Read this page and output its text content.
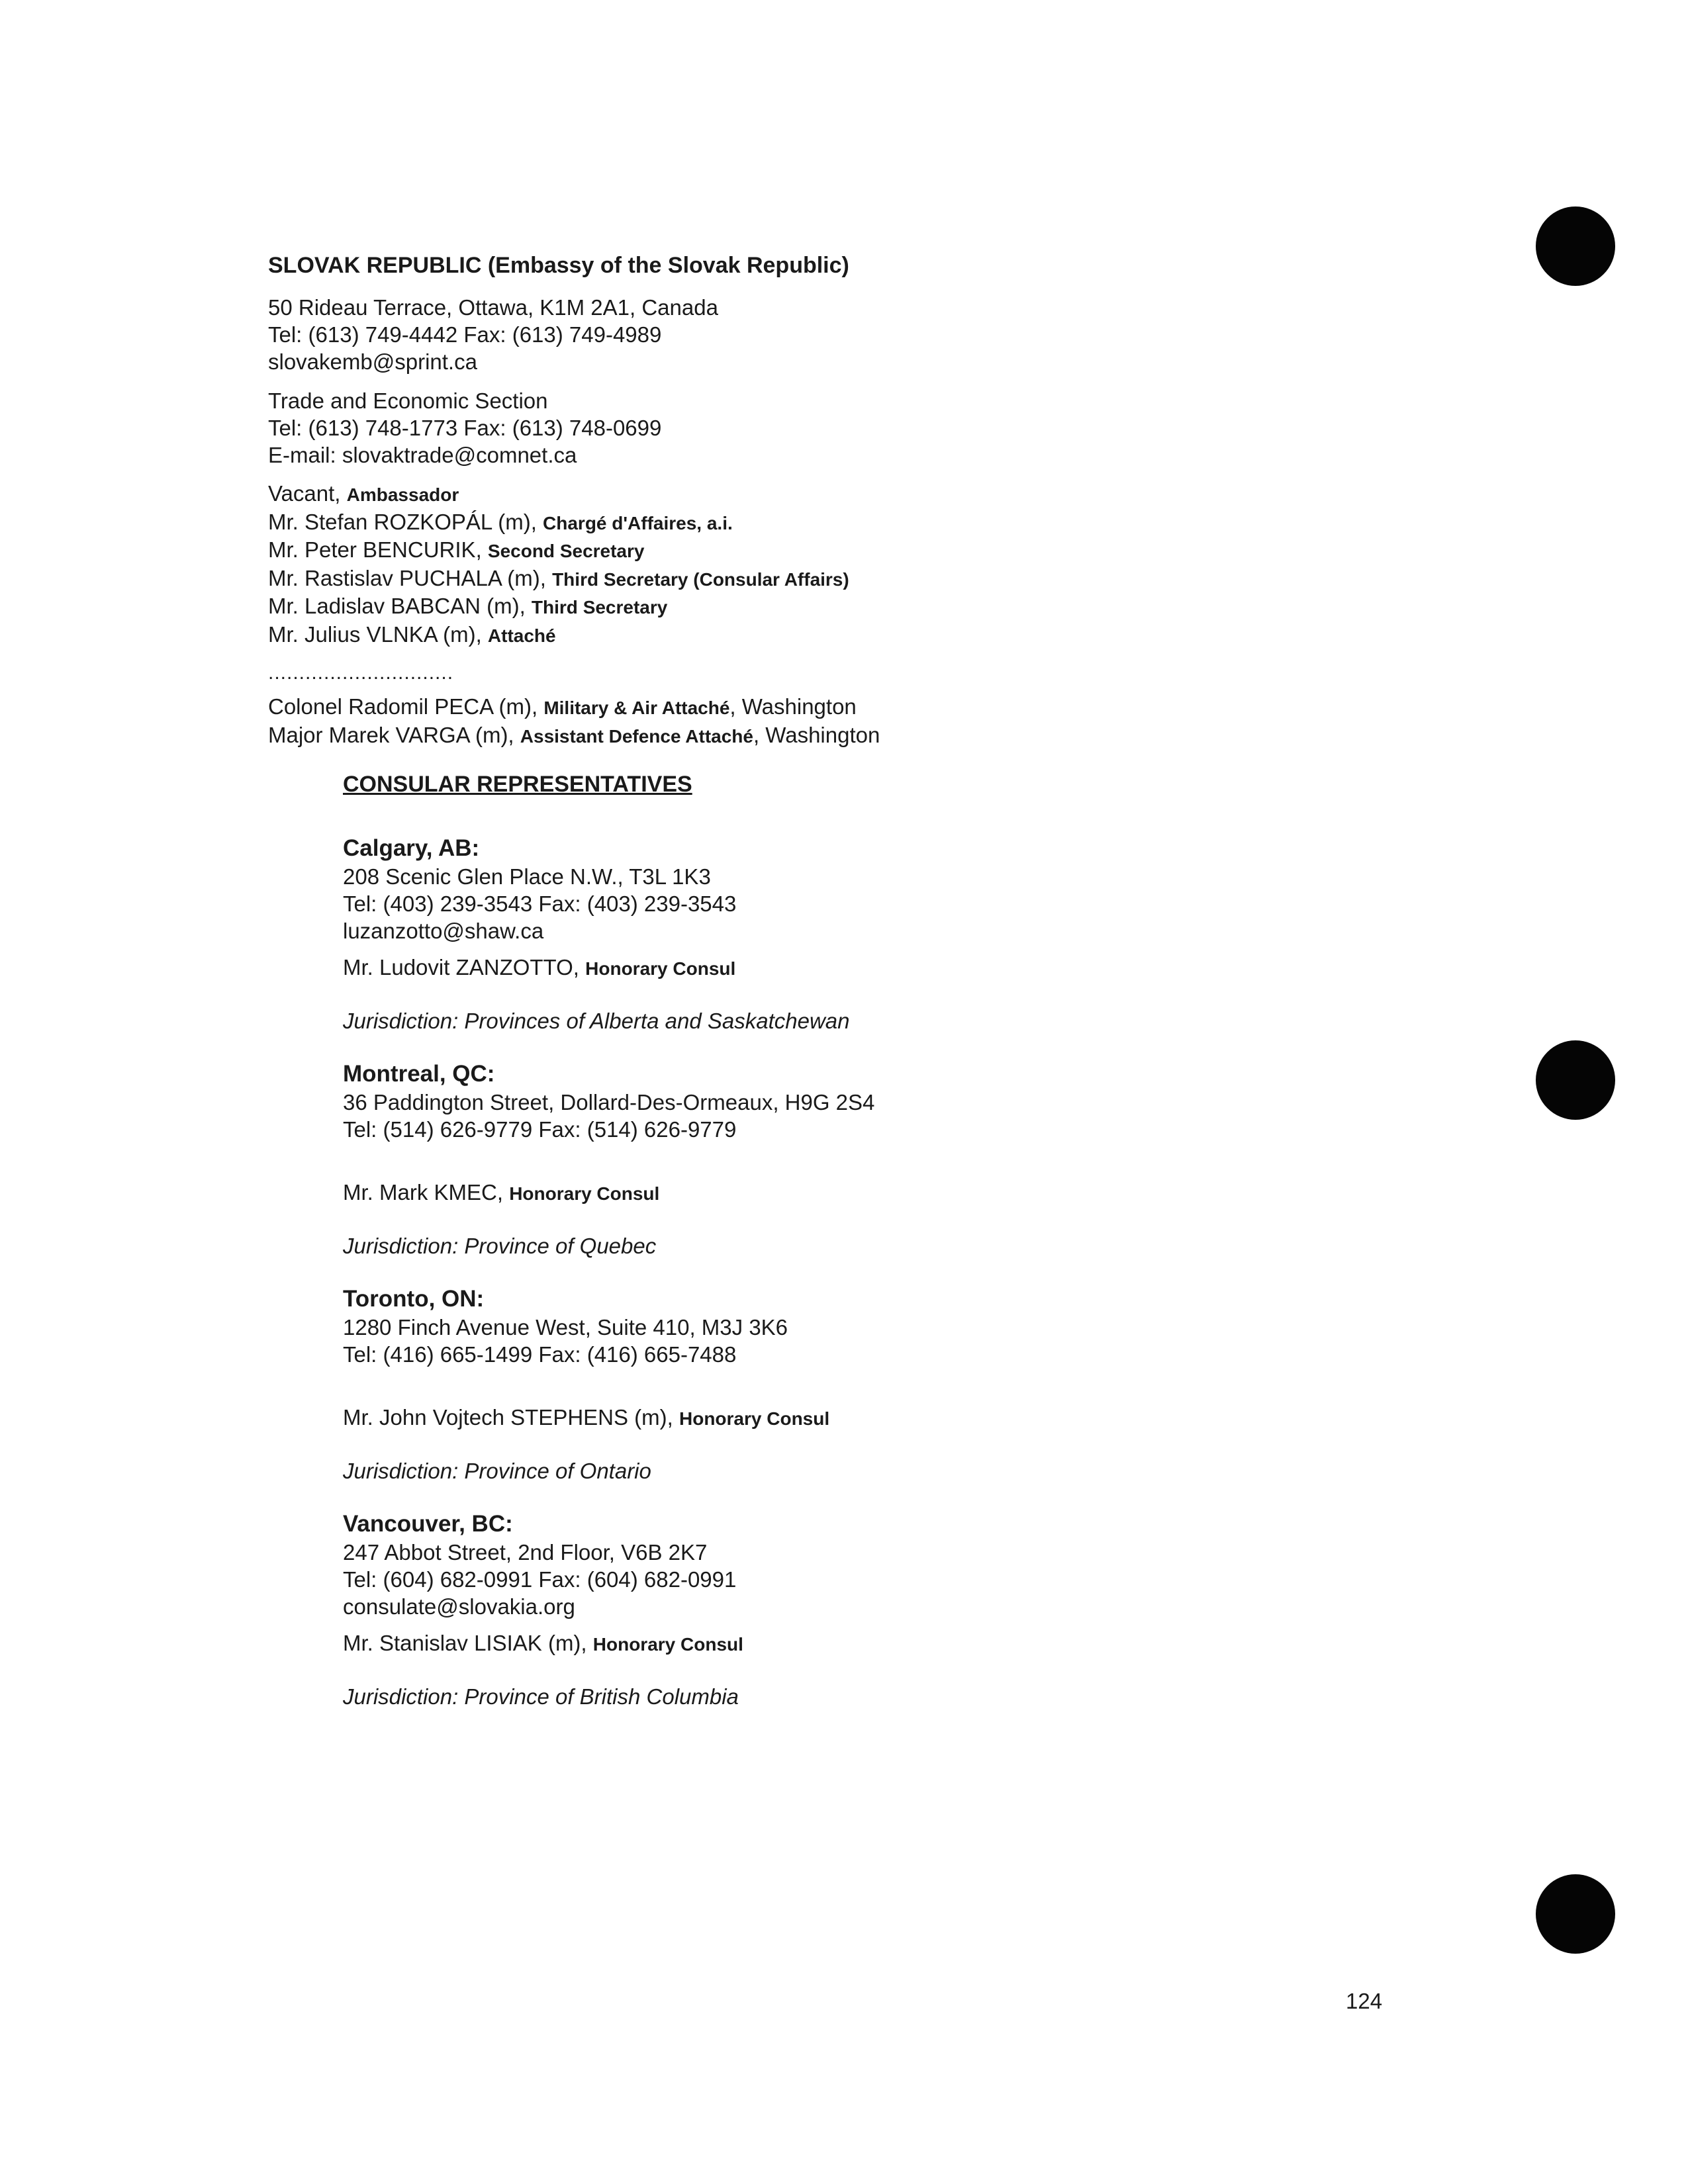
SLOVAK REPUBLIC (Embassy of the Slovak Republic)
50 Rideau Terrace, Ottawa, K1M 2A1, Canada
Tel: (613) 749-4442 Fax: (613) 749-4989
slovakemb@sprint.ca
Trade and Economic Section
Tel: (613) 748-1773 Fax: (613) 748-0699
E-mail: slovaktrade@comnet.ca
Vacant, Ambassador
Mr. Stefan ROZKOPÁL (m), Chargé d'Affaires, a.i.
Mr. Peter BENCURIK, Second Secretary
Mr. Rastislav PUCHALA (m), Third Secretary (Consular Affairs)
Mr. Ladislav BABCAN (m), Third Secretary
Mr. Julius VLNKA (m), Attaché
..............................
Colonel Radomil PECA (m), Military & Air Attaché, Washington
Major Marek VARGA (m), Assistant Defence Attaché, Washington
CONSULAR REPRESENTATIVES
Calgary, AB:
208 Scenic Glen Place N.W., T3L 1K3
Tel: (403) 239-3543 Fax: (403) 239-3543
luzanzotto@shaw.ca
Mr. Ludovit ZANZOTTO, Honorary Consul
Jurisdiction: Provinces of Alberta and Saskatchewan
Montreal, QC:
36 Paddington Street, Dollard-Des-Ormeaux, H9G 2S4
Tel: (514) 626-9779 Fax: (514) 626-9779
Mr. Mark KMEC, Honorary Consul
Jurisdiction: Province of Quebec
Toronto, ON:
1280 Finch Avenue West, Suite 410, M3J 3K6
Tel: (416) 665-1499 Fax: (416) 665-7488
Mr. John Vojtech STEPHENS (m), Honorary Consul
Jurisdiction: Province of Ontario
Vancouver, BC:
247 Abbot Street, 2nd Floor, V6B 2K7
Tel: (604) 682-0991 Fax: (604) 682-0991
consulate@slovakia.org
Mr. Stanislav LISIAK (m), Honorary Consul
Jurisdiction: Province of British Columbia
124
